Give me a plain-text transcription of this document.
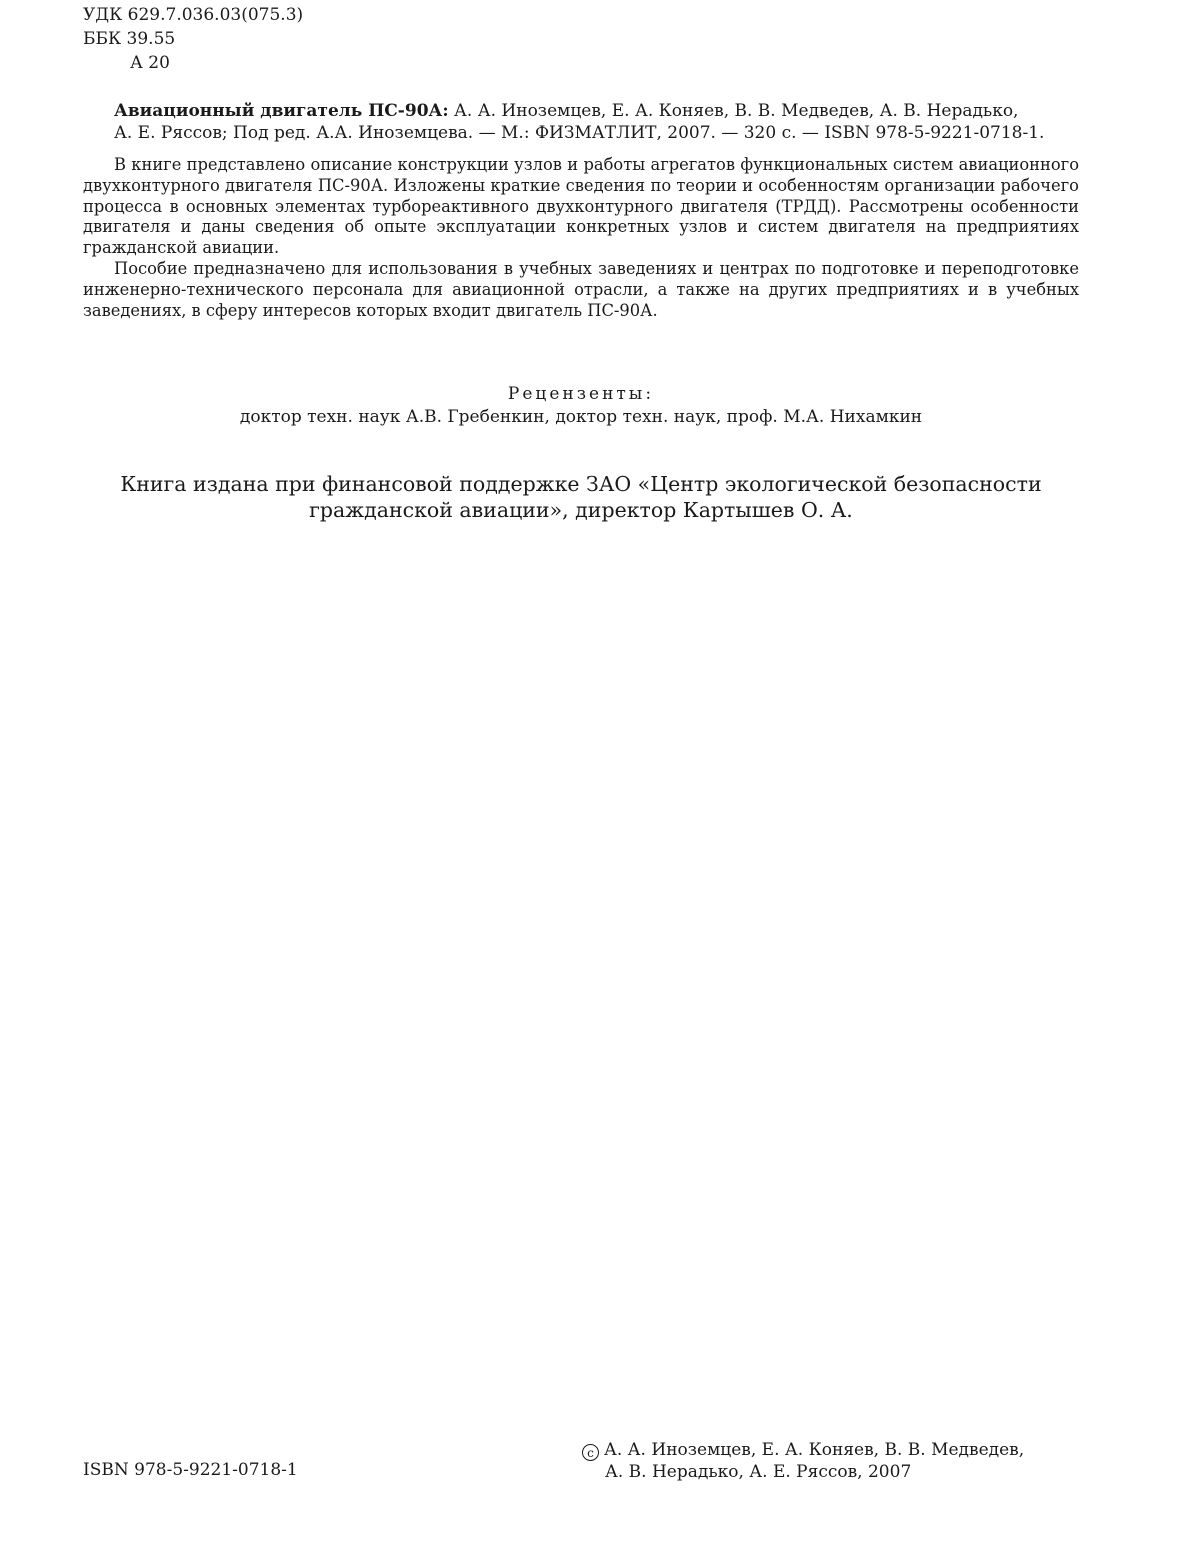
УДК 629.7.036.03(075.3)
ББК 39.55
А 20
Авиационный двигатель ПС-90А: А. А. Иноземцев, Е. А. Коняев, В. В. Медведев, А. В. Нерадько,
А. Е. Ряссов; Под ред. А.А. Иноземцева. — М.: ФИЗМАТЛИТ, 2007. — 320 с. — ISBN 978-5-9221-0718-1.

В книге представлено описание конструкции узлов и работы агрегатов функциональных систем авиационного двухконтурного двигателя ПС-90А. Изложены краткие сведения по теории и особенностям организации рабочего процесса в основных элементах турбореактивного двухконтурного двигателя (ТРДД). Рассмотрены особенности двигателя и даны сведения об опыте эксплуатации конкретных узлов и систем двигателя на предприятиях гражданской авиации.

Пособие предназначено для использования в учебных заведениях и центрах по подготовке и переподготовке инженерно-технического персонала для авиационной отрасли, а также на других предприятиях и в учебных заведениях, в сферу интересов которых входит двигатель ПС-90А.

Рецензенты:
доктор техн. наук А.В. Гребенкин, доктор техн. наук, проф. М.А. Нихамкин
Книга издана при финансовой поддержке ЗАО «Центр экологической безопасности
гражданской авиации», директор Картышев О. А.
ISBN 978-5-9221-0718-1
c А. А. Иноземцев, Е. А. Коняев, В. В. Медведев,
А. В. Нерадько, А. Е. Ряссов, 2007
